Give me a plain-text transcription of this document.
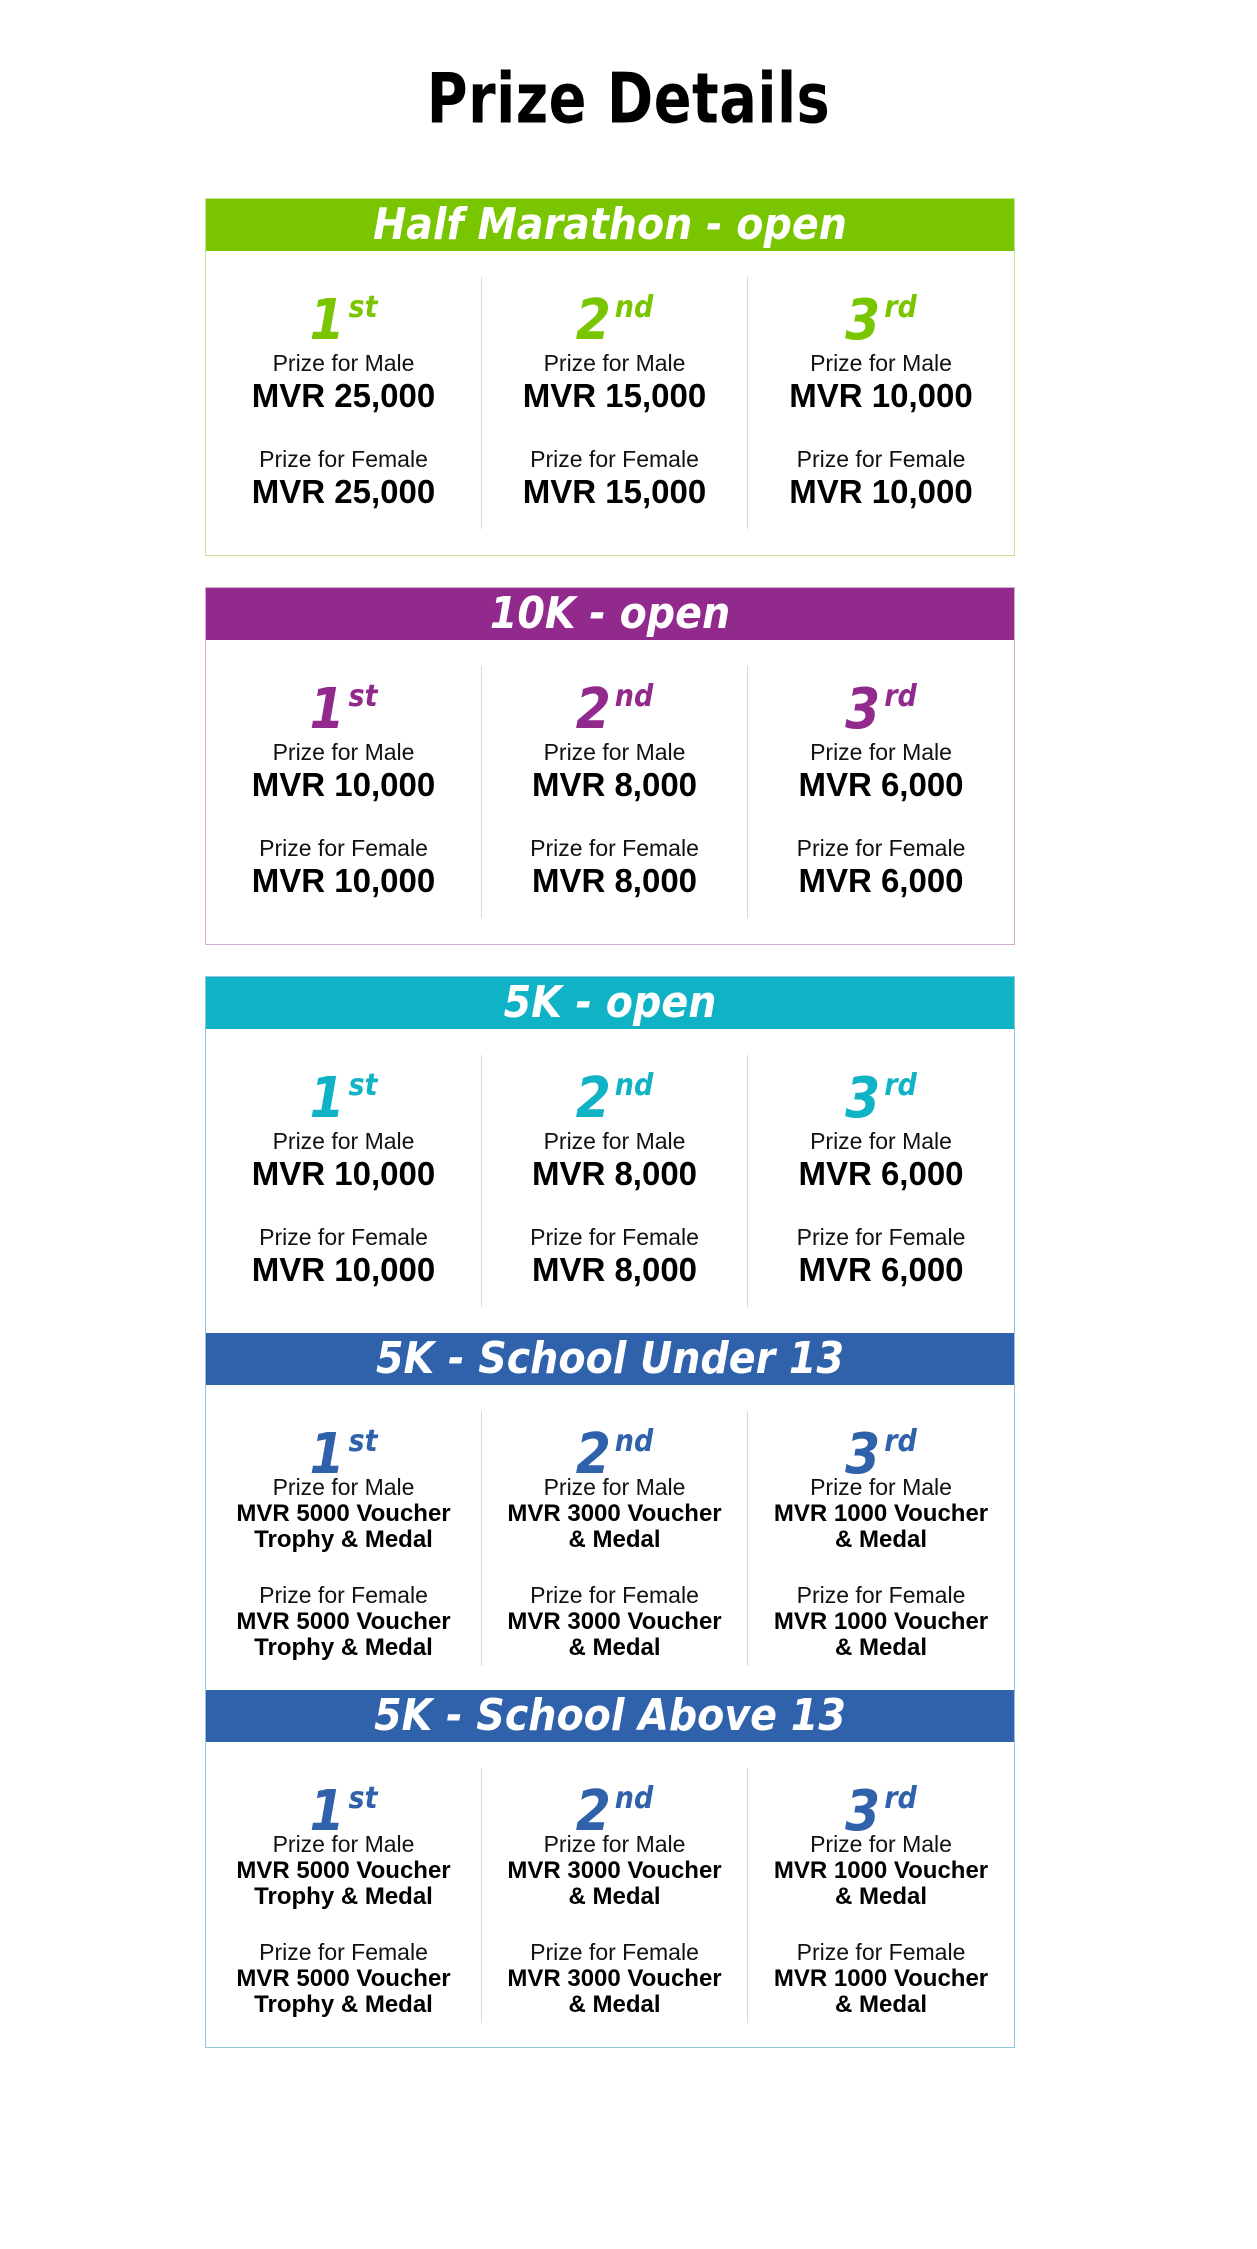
Prize Details
Half Marathon - open
1 st
Prize for Male
MVR 25,000
Prize for Female
MVR 25,000
2 nd
Prize for Male
MVR 15,000
Prize for Female
MVR 15,000
3 rd
Prize for Male
MVR 10,000
Prize for Female
MVR 10,000
10K - open
1 st
Prize for Male
MVR 10,000
Prize for Female
MVR 10,000
2 nd
Prize for Male
MVR 8,000
Prize for Female
MVR 8,000
3 rd
Prize for Male
MVR 6,000
Prize for Female
MVR 6,000
5K - open
1 st
Prize for Male
MVR 10,000
Prize for Female
MVR 10,000
2 nd
Prize for Male
MVR 8,000
Prize for Female
MVR 8,000
3 rd
Prize for Male
MVR 6,000
Prize for Female
MVR 6,000
5K - School Under 13
1 st
Prize for Male
MVR 5000 Voucher
Trophy & Medal
Prize for Female
MVR 5000 Voucher
Trophy & Medal
2 nd
Prize for Male
MVR 3000 Voucher
& Medal
Prize for Female
MVR 3000 Voucher
& Medal
3 rd
Prize for Male
MVR 1000 Voucher
& Medal
Prize for Female
MVR 1000 Voucher
& Medal
5K - School Above 13
1 st
Prize for Male
MVR 5000 Voucher
Trophy & Medal
Prize for Female
MVR 5000 Voucher
Trophy & Medal
2 nd
Prize for Male
MVR 3000 Voucher
& Medal
Prize for Female
MVR 3000 Voucher
& Medal
3 rd
Prize for Male
MVR 1000 Voucher
& Medal
Prize for Female
MVR 1000 Voucher
& Medal
